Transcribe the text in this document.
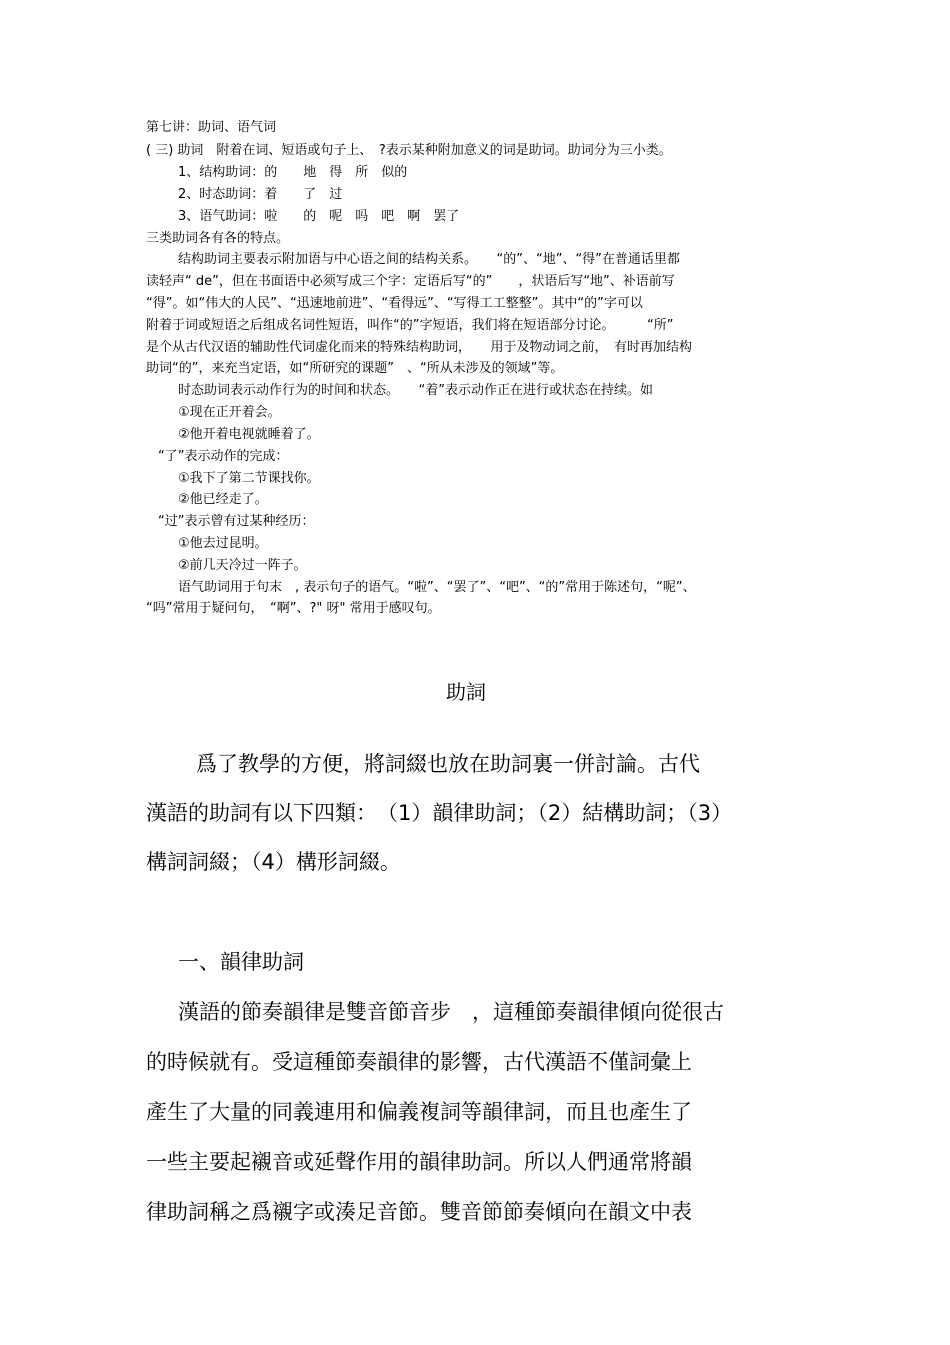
第七讲：助词、语气词
( 三) 助词　附着在词、短语或句子上、　?表示某种附加意义的词是助词。助词分为三小类。
1、结构助词：的　　地　得　所　似的
2、时态助词：着　　了　过
3、语气助词：啦　　的　呢　吗　吧　啊　罢了
三类助词各有各的特点。
结构助词主要表示附加语与中心语之间的结构关系。　　“的”、“地”、“得”在普通话里都
读轻声“ de”，但在书面语中必须写成三个字：定语后写“的”　　，状语后写“地”、补语前写
“得”。如“伟大的人民”、“迅速地前进”、“看得远”、“写得工工整整”。其中“的”字可以
附着于词或短语之后组成名词性短语，叫作“的”字短语，我们将在短语部分讨论。　　　“所”
是个从古代汉语的辅助性代词虚化而来的特殊结构助词，　　用于及物动词之前，　有时再加结构
助词“的”，来充当定语，如“所研究的课题”　、“所从未涉及的领域”等。
时态助词表示动作行为的时间和状态。　　“着”表示动作正在进行或状态在持续。如
①现在正开着会。
②他开着电视就睡着了。
“了”表示动作的完成：
①我下了第二节课找你。
②他已经走了。
“过”表示曾有过某种经历：
①他去过昆明。
②前几天冷过一阵子。
语气助词用于句末　, 表示句子的语气。“啦”、“罢了”、“吧”、“的”常用于陈述句，“呢”、
“吗”常用于疑问句，　“啊”、?" 呀" 常用于感叹句。
助詞
爲了教學的方便，將詞綴也放在助詞裏一併討論。古代
漢語的助詞有以下四類：　（1）韻律助詞；（2）結構助詞；（3）
構詞詞綴；（4）構形詞綴。
一、韻律助詞
漢語的節奏韻律是雙音節音步　，這種節奏韻律傾向從很古
的時候就有。受這種節奏韻律的影響，古代漢語不僅詞彙上
產生了大量的同義連用和偏義複詞等韻律詞，而且也產生了
一些主要起襯音或延聲作用的韻律助詞。所以人們通常將韻
律助詞稱之爲襯字或湊足音節。雙音節節奏傾向在韻文中表
